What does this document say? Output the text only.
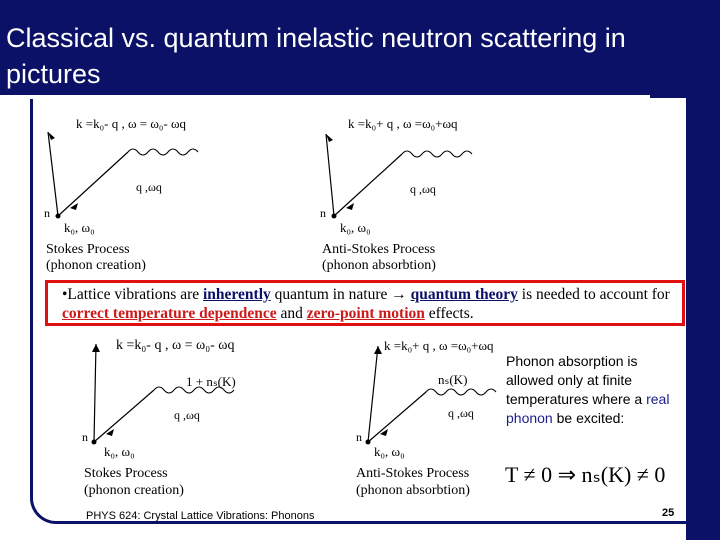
Classical vs. quantum inelastic neutron scattering in pictures
k =k₀- q , ω = ω₀- ωq
q ,ωq
n
k₀, ω₀
Stokes Process
(phonon creation)
k =k₀+ q , ω =ω₀+ωq
q ,ωq
n
k₀, ω₀
Anti-Stokes Process
(phonon absorbtion)
•Lattice vibrations are inherently quantum in nature → quantum theory is needed to account for correct temperature dependence and zero-point motion effects.
k =k₀- q , ω = ω₀- ωq
1 + nₛ(K)
q ,ωq
n
k₀, ω₀
Stokes Process
(phonon creation)
k =k₀+ q , ω =ω₀+ωq
nₛ(K)
q ,ωq
n
k₀, ω₀
Anti-Stokes Process
(phonon absorbtion)
Phonon absorption is allowed only at finite temperatures where a real phonon be excited:
T ≠ 0 ⇒ nₛ(K) ≠ 0
PHYS 624: Crystal Lattice Vibrations: Phonons	25
